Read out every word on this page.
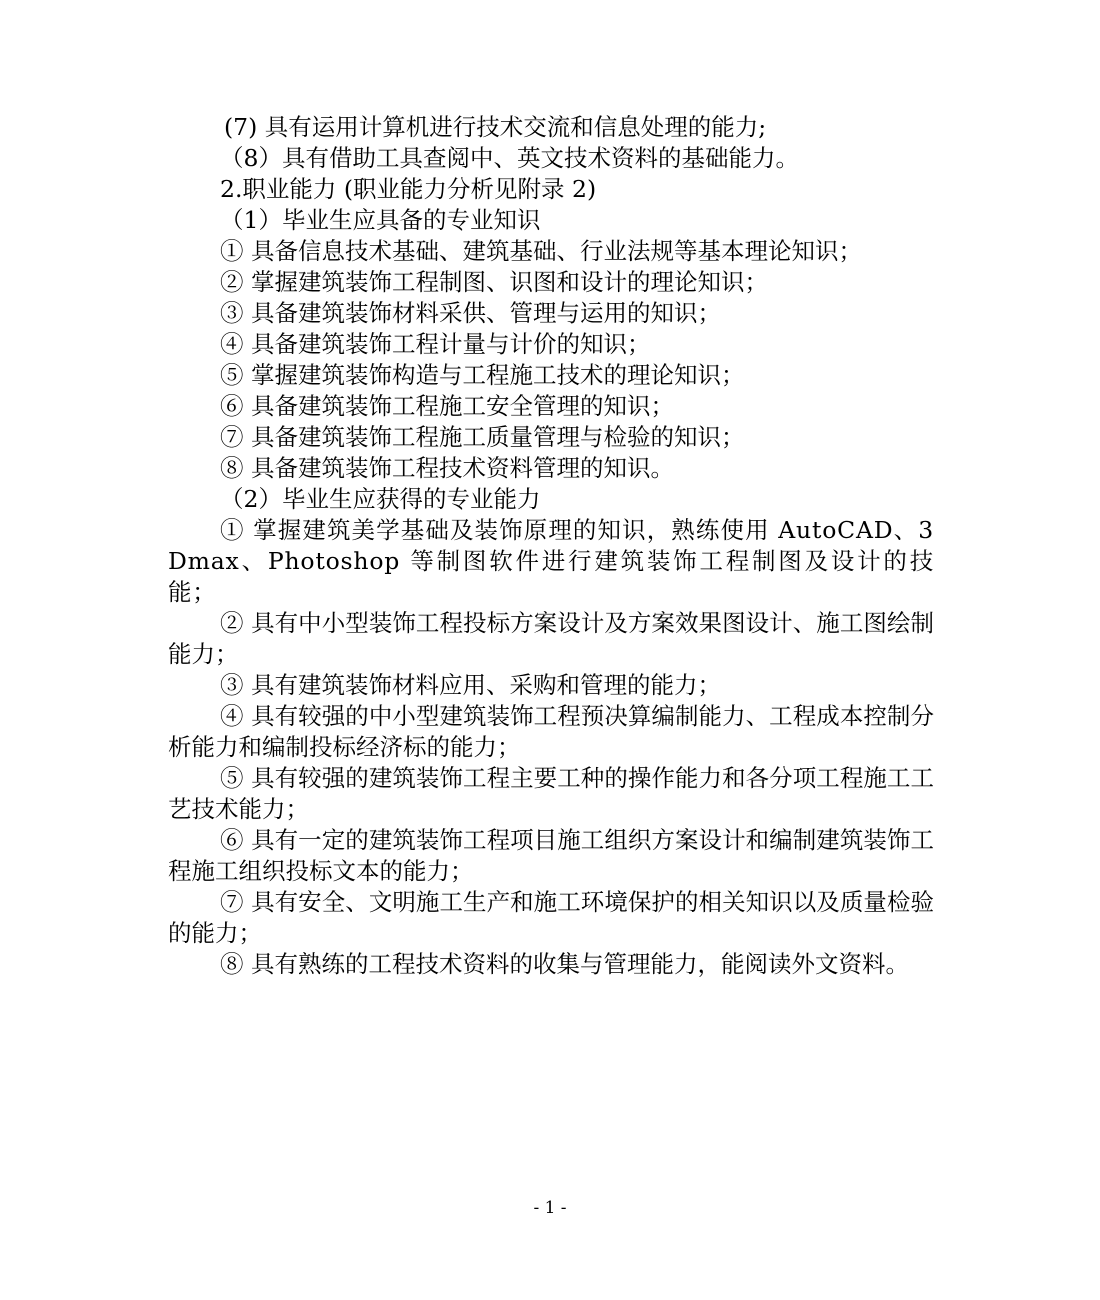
(7) 具有运用计算机进行技术交流和信息处理的能力;

（8）具有借助工具查阅中、英文技术资料的基础能力。

2.职业能力 (职业能力分析见附录 2)

（1）毕业生应具备的专业知识

① 具备信息技术基础、建筑基础、行业法规等基本理论知识；

② 掌握建筑装饰工程制图、识图和设计的理论知识；

③ 具备建筑装饰材料采供、管理与运用的知识；

④ 具备建筑装饰工程计量与计价的知识；

⑤ 掌握建筑装饰构造与工程施工技术的理论知识；

⑥ 具备建筑装饰工程施工安全管理的知识；

⑦ 具备建筑装饰工程施工质量管理与检验的知识；

⑧ 具备建筑装饰工程技术资料管理的知识。

（2）毕业生应获得的专业能力

① 掌握建筑美学基础及装饰原理的知识，熟练使用 AutoCAD、3Dmax、Photoshop 等制图软件进行建筑装饰工程制图及设计的技能；

② 具有中小型装饰工程投标方案设计及方案效果图设计、施工图绘制能力；

③ 具有建筑装饰材料应用、采购和管理的能力；

④ 具有较强的中小型建筑装饰工程预决算编制能力、工程成本控制分析能力和编制投标经济标的能力；

⑤ 具有较强的建筑装饰工程主要工种的操作能力和各分项工程施工工艺技术能力；

⑥ 具有一定的建筑装饰工程项目施工组织方案设计和编制建筑装饰工程施工组织投标文本的能力；

⑦ 具有安全、文明施工生产和施工环境保护的相关知识以及质量检验的能力；

⑧ 具有熟练的工程技术资料的收集与管理能力，能阅读外文资料。

- 1 -
